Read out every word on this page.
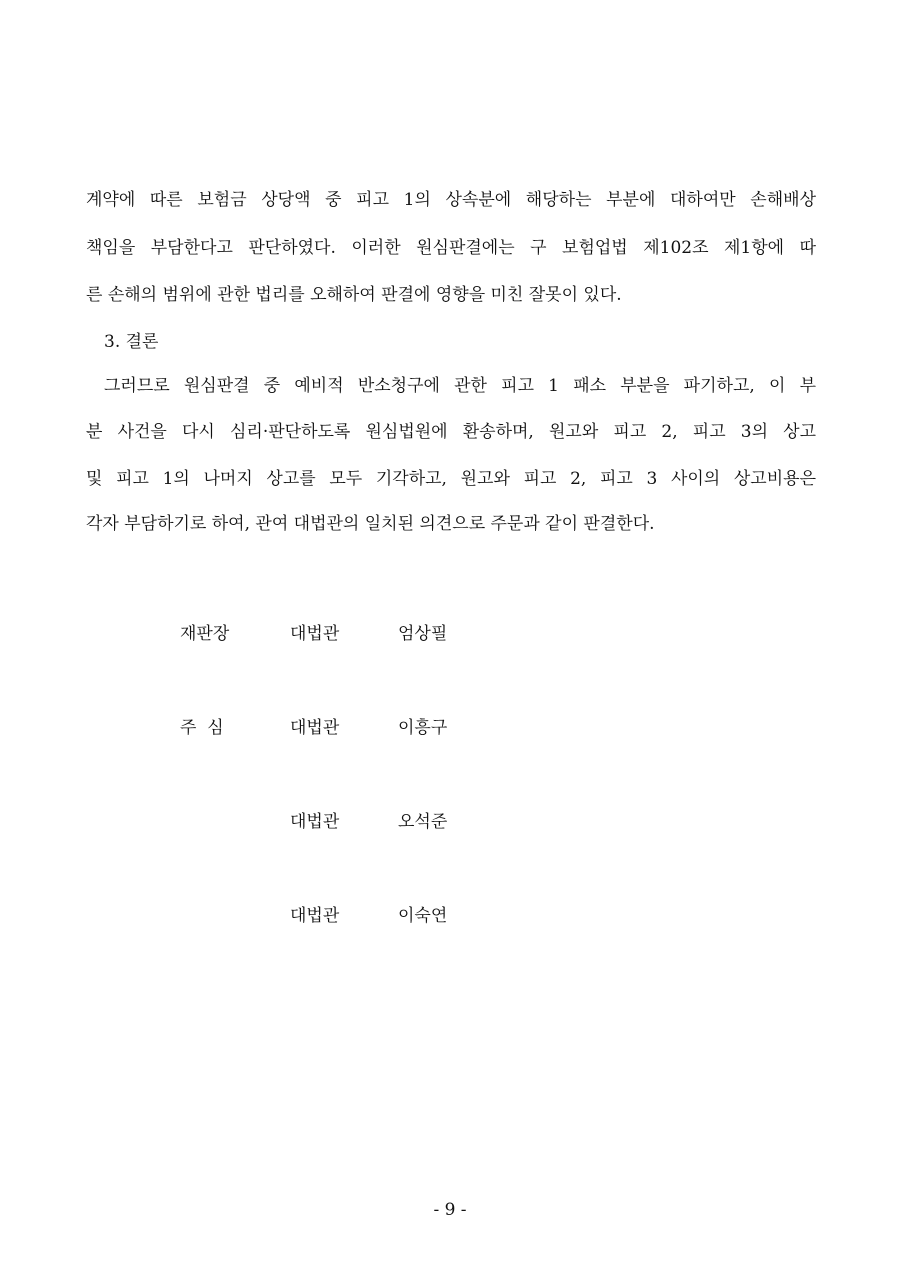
계약에 따른 보험금 상당액 중 피고 1의 상속분에 해당하는 부분에 대하여만 손해배상
책임을 부담한다고 판단하였다. 이러한 원심판결에는 구 보험업법 제102조 제1항에 따
른 손해의 범위에 관한 법리를 오해하여 판결에 영향을 미친 잘못이 있다.
3. 결론
그러므로 원심판결 중 예비적 반소청구에 관한 피고 1 패소 부분을 파기하고, 이 부
분 사건을 다시 심리·판단하도록 원심법원에 환송하며, 원고와 피고 2, 피고 3의 상고
및 피고 1의 나머지 상고를 모두 기각하고, 원고와 피고 2, 피고 3 사이의 상고비용은
각자 부담하기로 하여, 관여 대법관의 일치된 의견으로 주문과 같이 판결한다.
재판장	대법관	엄상필
주  심	대법관	이흥구
대법관	오석준
대법관	이숙연
- 9 -
